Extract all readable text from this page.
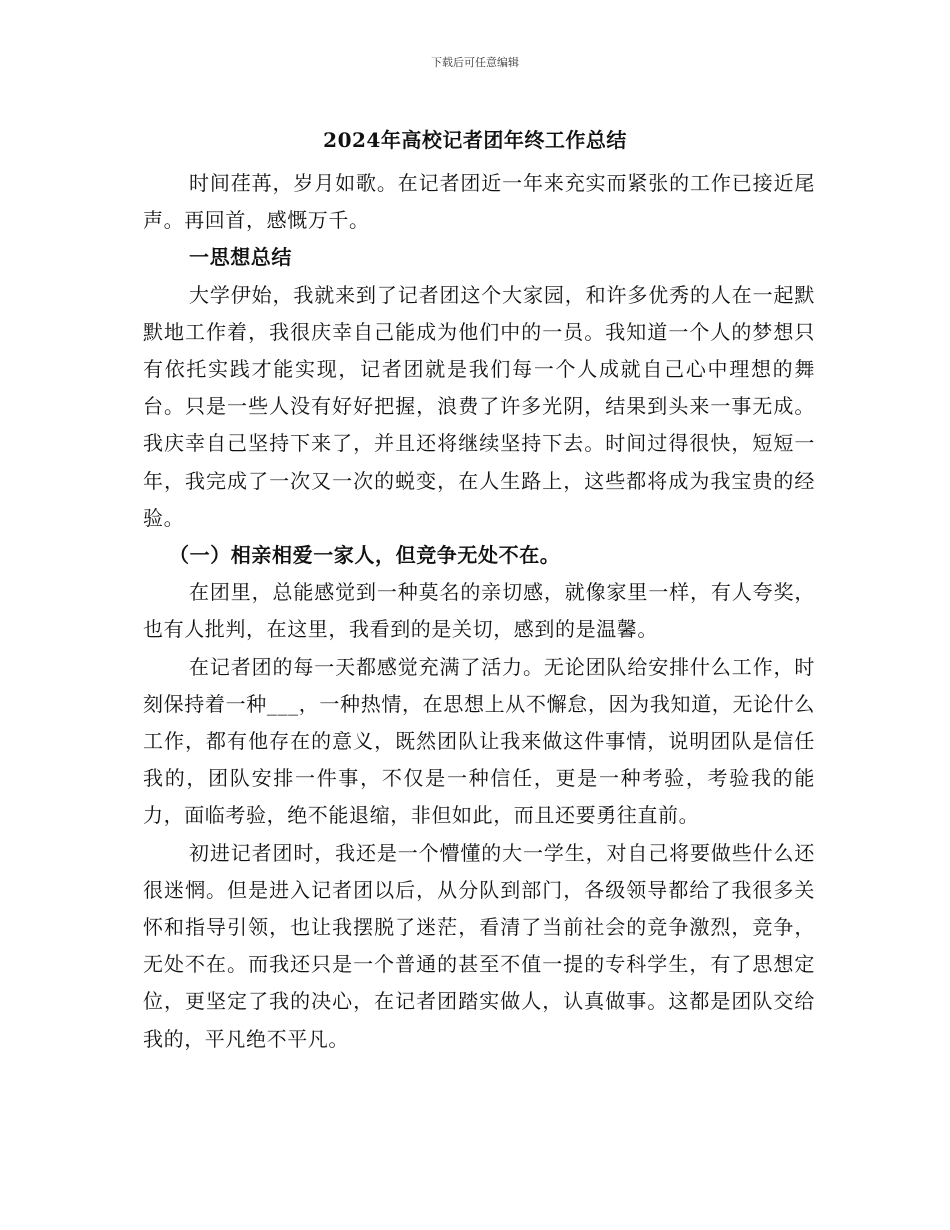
下载后可任意编辑
2024年高校记者团年终工作总结

时间荏苒，岁月如歌。在记者团近一年来充实而紧张的工作已接近尾声。再回首，感慨万千。

一思想总结

大学伊始，我就来到了记者团这个大家园，和许多优秀的人在一起默默地工作着，我很庆幸自己能成为他们中的一员。我知道一个人的梦想只有依托实践才能实现，记者团就是我们每一个人成就自己心中理想的舞台。只是一些人没有好好把握，浪费了许多光阴，结果到头来一事无成。我庆幸自己坚持下来了，并且还将继续坚持下去。时间过得很快，短短一年，我完成了一次又一次的蜕变，在人生路上，这些都将成为我宝贵的经验。

（一）相亲相爱一家人，但竞争无处不在。

在团里，总能感觉到一种莫名的亲切感，就像家里一样，有人夸奖，也有人批判，在这里，我看到的是关切，感到的是温馨。

在记者团的每一天都感觉充满了活力。无论团队给安排什么工作，时刻保持着一种___，一种热情，在思想上从不懈怠，因为我知道，无论什么工作，都有他存在的意义，既然团队让我来做这件事情，说明团队是信任我的，团队安排一件事，不仅是一种信任，更是一种考验，考验我的能力，面临考验，绝不能退缩，非但如此，而且还要勇往直前。

初进记者团时，我还是一个懵懂的大一学生，对自己将要做些什么还很迷惘。但是进入记者团以后，从分队到部门，各级领导都给了我很多关怀和指导引领，也让我摆脱了迷茫，看清了当前社会的竞争激烈，竞争，无处不在。而我还只是一个普通的甚至不值一提的专科学生，有了思想定位，更坚定了我的决心，在记者团踏实做人，认真做事。这都是团队交给我的，平凡绝不平凡。
